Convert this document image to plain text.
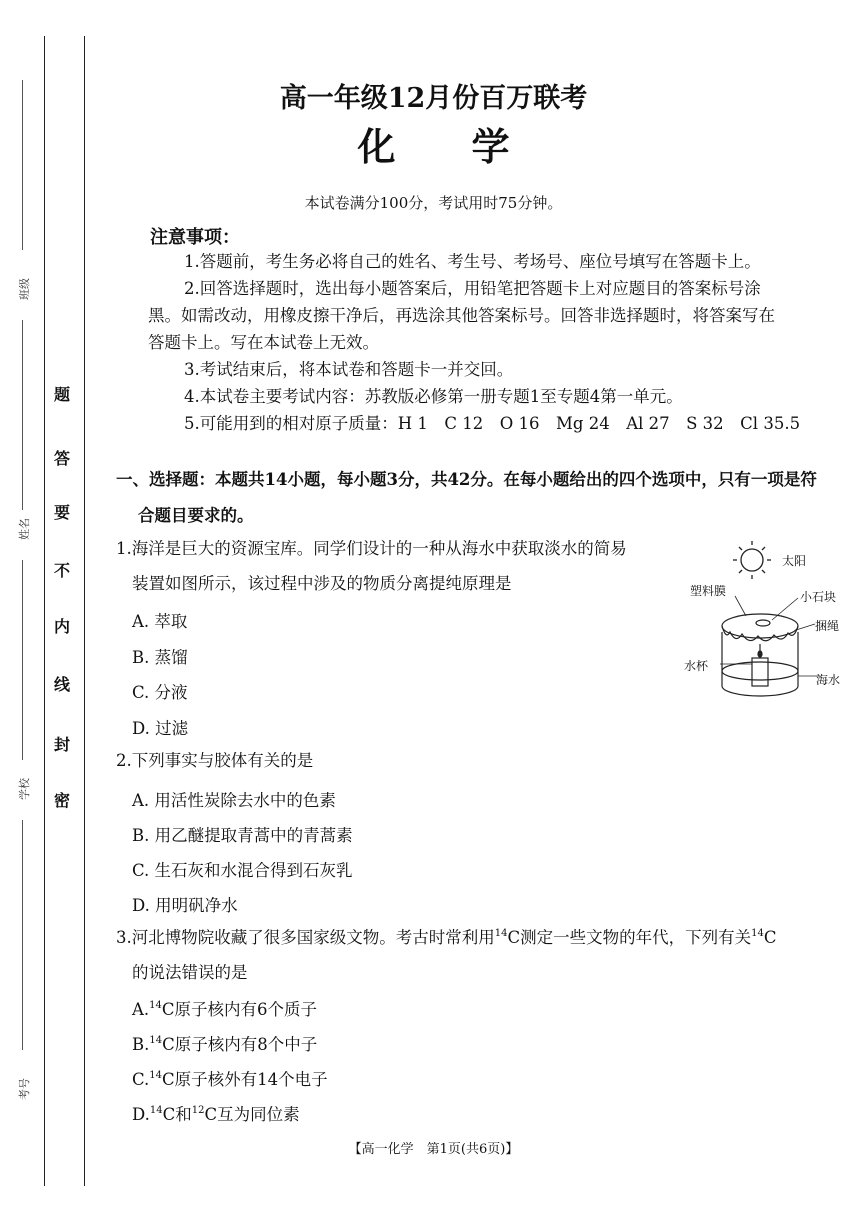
题
答
要
不
内
线
封
密
班级
姓名
学校
考号
高一年级12月份百万联考
化　　学
本试卷满分100分，考试用时75分钟。
注意事项：
1.答题前，考生务必将自己的姓名、考生号、考场号、座位号填写在答题卡上。
2.回答选择题时，选出每小题答案后，用铅笔把答题卡上对应题目的答案标号涂
黑。如需改动，用橡皮擦干净后，再选涂其他答案标号。回答非选择题时，将答案写在
答题卡上。写在本试卷上无效。
3.考试结束后，将本试卷和答题卡一并交回。
4.本试卷主要考试内容：苏教版必修第一册专题1至专题4第一单元。
5.可能用到的相对原子质量：H 1　C 12　O 16　Mg 24　Al 27　S 32　Cl 35.5
一、选择题：本题共14小题，每小题3分，共42分。在每小题给出的四个选项中，只有一项是符
合题目要求的。
1.海洋是巨大的资源宝库。同学们设计的一种从海水中获取淡水的简易
装置如图所示，该过程中涉及的物质分离提纯原理是
A. 萃取
B. 蒸馏
C. 分液
D. 过滤
太阳
塑料膜	小石块
捆绳
水杯
海水
2.下列事实与胶体有关的是
A. 用活性炭除去水中的色素
B. 用乙醚提取青蒿中的青蒿素
C. 生石灰和水混合得到石灰乳
D. 用明矾净水
3.河北博物院收藏了很多国家级文物。考古时常利用$^{14}$C测定一些文物的年代，下列有关$^{14}$C
的说法错误的是
A.$^{14}$C原子核内有6个质子
B.$^{14}$C原子核内有8个中子
C.$^{14}$C原子核外有14个电子
D.$^{14}$C和$^{12}$C互为同位素
【高一化学　第1页(共6页)】
